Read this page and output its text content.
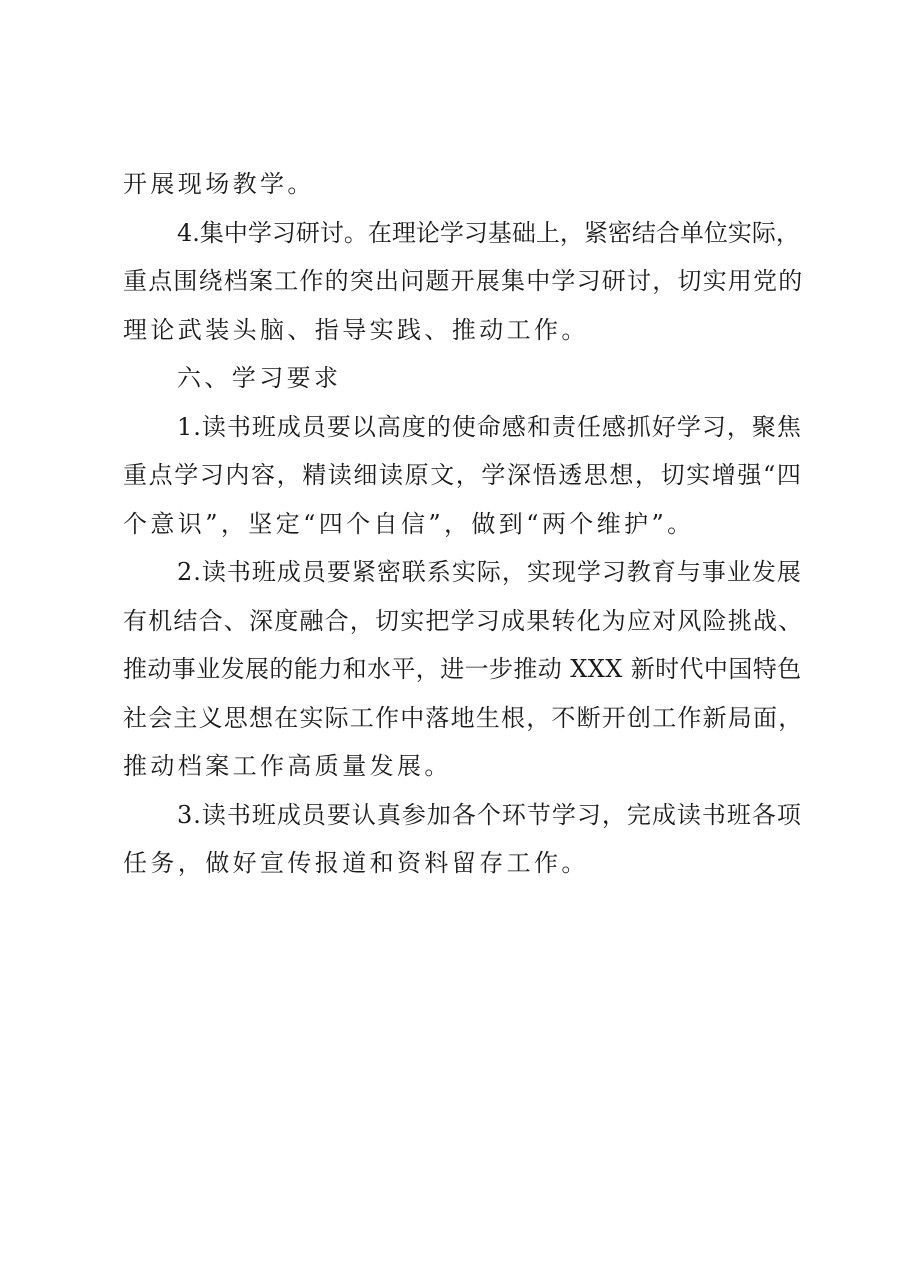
开展现场教学。
4.集中学习研讨。在理论学习基础上，紧密结合单位实际，
重点围绕档案工作的突出问题开展集中学习研讨，切实用党的
理论武装头脑、指导实践、推动工作。
六、学习要求
1.读书班成员要以高度的使命感和责任感抓好学习，聚焦
重点学习内容，精读细读原文，学深悟透思想，切实增强“四
个意识”，坚定“四个自信”，做到“两个维护”。
2.读书班成员要紧密联系实际，实现学习教育与事业发展
有机结合、深度融合，切实把学习成果转化为应对风险挑战、
推动事业发展的能力和水平，进一步推动 XXX 新时代中国特色
社会主义思想在实际工作中落地生根，不断开创工作新局面，
推动档案工作高质量发展。
3.读书班成员要认真参加各个环节学习，完成读书班各项
任务，做好宣传报道和资料留存工作。
